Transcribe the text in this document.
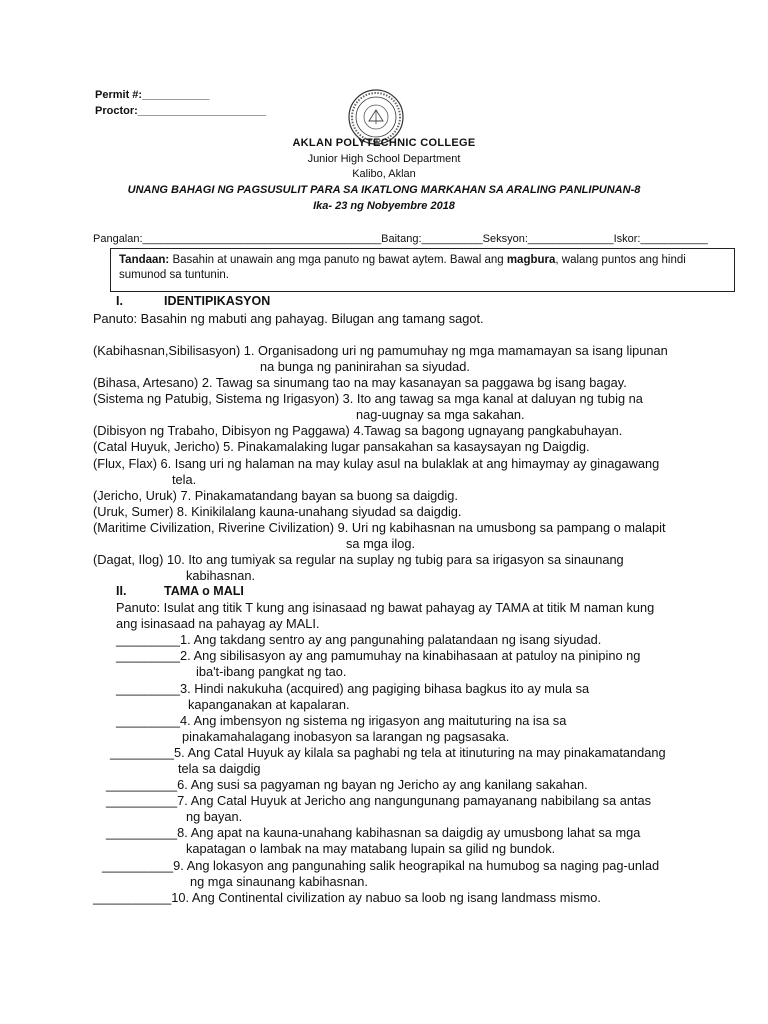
Permit #:___________
Proctor:_____________________
AKLAN POLYTECHNIC COLLEGE
Junior High School Department
Kalibo, Aklan
UNANG BAHAGI NG PAGSUSULIT PARA SA IKATLONG MARKAHAN SA ARALING PANLIPUNAN-8
Ika- 23 ng Nobyembre 2018
Pangalan:_______________________________________Baitang:__________Seksyon:______________Iskor:___________
Tandaan: Basahin at unawain ang mga panuto ng bawat aytem. Bawal ang magbura, walang puntos ang hindi sumunod sa tuntunin.
I.	IDENTIPIKASYON
Panuto: Basahin ng mabuti ang pahayag. Bilugan ang tamang sagot.
(Kabihasnan,Sibilisasyon) 1. Organisadong uri ng pamumuhay ng mga mamamayan sa isang lipunan
na bunga ng paninirahan sa siyudad.
(Bihasa, Artesano) 2. Tawag sa sinumang tao na may kasanayan sa paggawa bg isang bagay.
(Sistema ng Patubig, Sistema ng Irigasyon) 3. Ito ang tawag sa mga kanal at daluyan ng tubig na
nag-uugnay sa mga sakahan.
(Dibisyon ng Trabaho, Dibisyon ng Paggawa) 4.Tawag sa bagong ugnayang pangkabuhayan.
(Catal Huyuk, Jericho) 5. Pinakamalaking lugar pansakahan sa kasaysayan ng Daigdig.
(Flux, Flax) 6. Isang uri ng halaman na may kulay asul na bulaklak at ang himaymay ay ginagawang
tela.
(Jericho, Uruk) 7. Pinakamatandang bayan sa buong sa daigdig.
(Uruk, Sumer) 8. Kinikilalang kauna-unahang siyudad sa daigdig.
(Maritime Civilization, Riverine Civilization) 9. Uri ng kabihasnan na umusbong sa pampang o malapit
sa mga ilog.
(Dagat, Ilog) 10. Ito ang tumiyak sa regular na suplay ng tubig para sa irigasyon sa sinaunang
kabihasnan.
II.	TAMA o MALI
Panuto: Isulat ang titik T kung ang isinasaad ng bawat pahayag ay TAMA at titik M naman kung
ang isinasaad na pahayag ay MALI.
_________1. Ang takdang sentro ay ang pangunahing palatandaan ng isang siyudad.
_________2. Ang sibilisasyon ay ang pamumuhay na kinabihasaan at patuloy na pinipino ng
iba't-ibang pangkat ng tao.
_________3. Hindi nakukuha (acquired) ang pagiging bihasa bagkus ito ay mula sa
kapanganakan at kapalaran.
_________4. Ang imbensyon ng sistema ng irigasyon ang maituturing na isa sa
pinakamahalagang inobasyon sa larangan ng pagsasaka.
_________5. Ang Catal Huyuk ay kilala sa paghabi ng tela at itinuturing na may pinakamatandang
tela sa daigdig
__________6. Ang susi sa pagyaman ng bayan ng Jericho ay ang kanilang sakahan.
__________7. Ang Catal Huyuk at Jericho ang nangungunang pamayanang nabibilang sa antas
ng bayan.
__________8. Ang apat na kauna-unahang kabihasnan sa daigdig ay umusbong lahat sa mga
kapatagan o lambak na may matabang lupain sa gilid ng bundok.
__________9. Ang lokasyon ang pangunahing salik heograpikal na humubog sa naging pag-unlad
ng mga sinaunang kabihasnan.
___________10. Ang Continental civilization ay nabuo sa loob ng isang landmass mismo.
